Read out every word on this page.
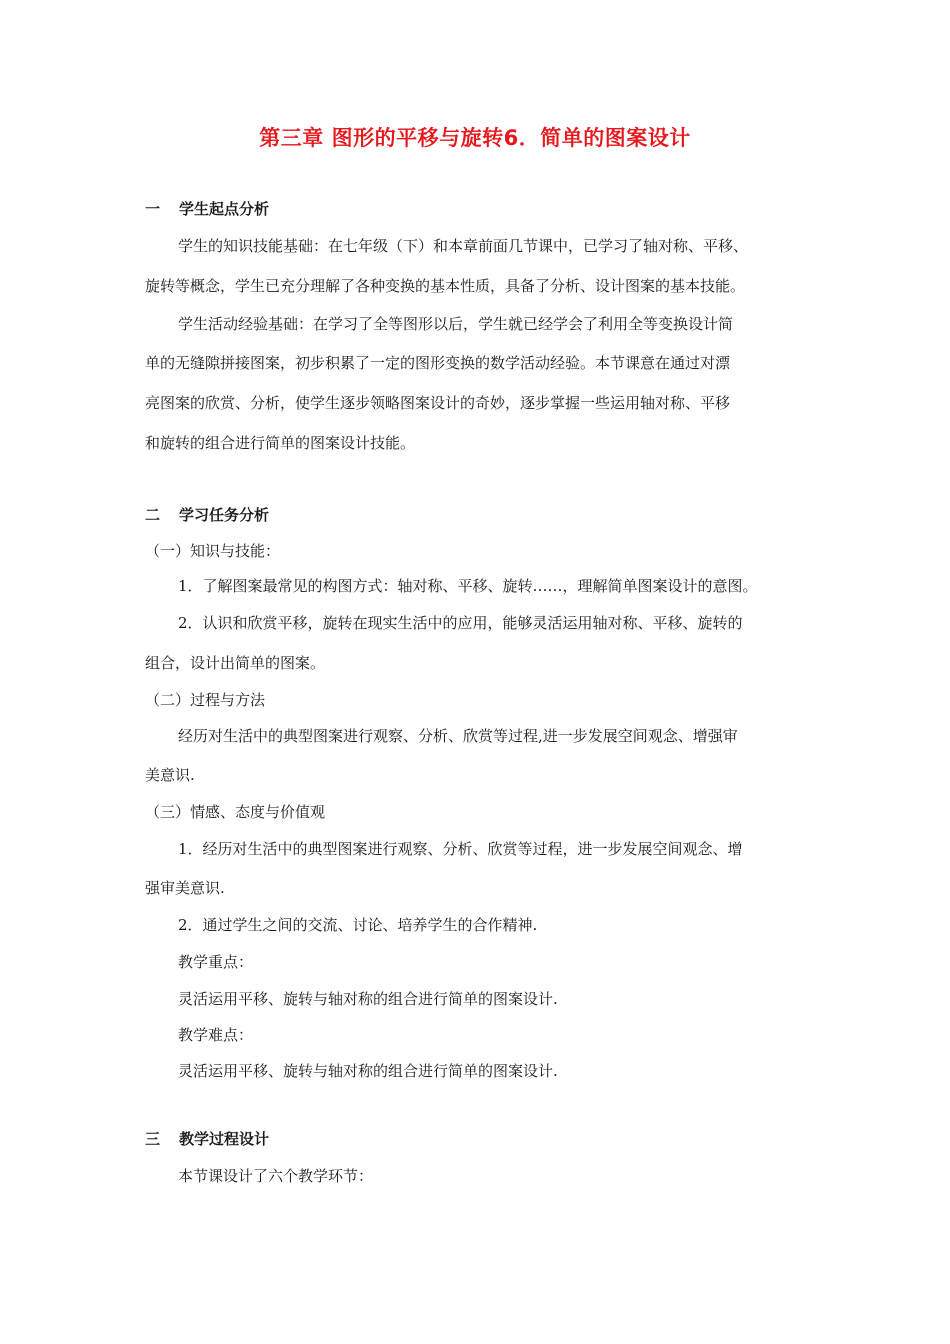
第三章 图形的平移与旋转6．简单的图案设计
一 学生起点分析
学生的知识技能基础：在七年级（下）和本章前面几节课中，已学习了轴对称、平移、
旋转等概念，学生已充分理解了各种变换的基本性质，具备了分析、设计图案的基本技能。
学生活动经验基础：在学习了全等图形以后，学生就已经学会了利用全等变换设计简
单的无缝隙拼接图案，初步积累了一定的图形变换的数学活动经验。本节课意在通过对漂
亮图案的欣赏、分析，使学生逐步领略图案设计的奇妙，逐步掌握一些运用轴对称、平移
和旋转的组合进行简单的图案设计技能。
二 学习任务分析
（一）知识与技能：
1．了解图案最常见的构图方式：轴对称、平移、旋转……，理解简单图案设计的意图。
2．认识和欣赏平移，旋转在现实生活中的应用，能够灵活运用轴对称、平移、旋转的
组合，设计出简单的图案。
（二）过程与方法
经历对生活中的典型图案进行观察、分析、欣赏等过程,进一步发展空间观念、增强审
美意识.
（三）情感、态度与价值观
1．经历对生活中的典型图案进行观察、分析、欣赏等过程，进一步发展空间观念、增
强审美意识.
2．通过学生之间的交流、讨论、培养学生的合作精神.
教学重点：
灵活运用平移、旋转与轴对称的组合进行简单的图案设计.
教学难点：
灵活运用平移、旋转与轴对称的组合进行简单的图案设计.
三 教学过程设计
本节课设计了六个教学环节：
